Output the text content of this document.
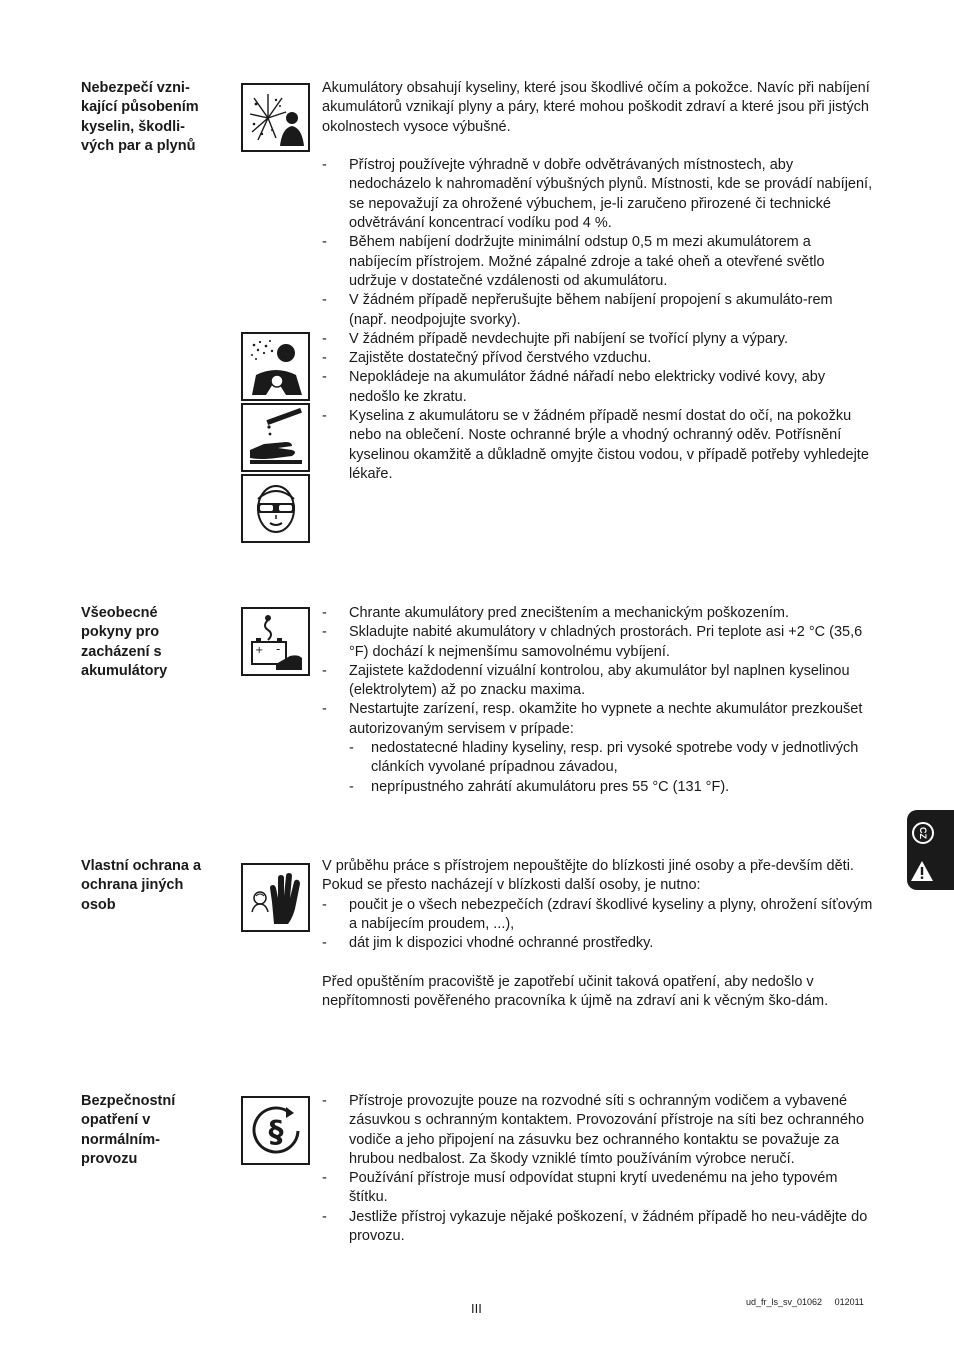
Nebezpečí vzni-
kající působením
kyselin, škodli-
vých par a plynů

Akumulátory obsahují kyseliny, které jsou škodlivé očím a pokožce. Navíc při nabíjení akumulátorů vznikají plyny a páry, které mohou poškodit zdraví a které jsou při jistých okolnostech vysoce výbušné.

- Přístroj používejte výhradně v dobře odvětrávaných místnostech, aby nedocházelo k nahromadění výbušných plynů. Místnosti, kde se provádí nabíjení, se nepovažují za ohrožené výbuchem, je-li zaručeno přirozené či technické odvětrávání koncentrací vodíku pod 4 %.
- Během nabíjení dodržujte minimální odstup 0,5 m mezi akumulátorem a nabíjecím přístrojem. Možné zápalné zdroje a také oheň a otevřené světlo udržuje v dostatečné vzdálenosti od akumulátoru.
- V žádném případě nepřerušujte během nabíjení propojení s akumuláto-rem (např. neodpojujte svorky).
- V žádném případě nevdechujte při nabíjení se tvořící plyny a výpary.
- Zajistěte dostatečný přívod čerstvého vzduchu.
- Nepokládeje na akumulátor žádné nářadí nebo elektricky vodivé kovy, aby nedošlo ke zkratu.
- Kyselina z akumulátoru se v žádném případě nesmí dostat do očí, na pokožku nebo na oblečení. Noste ochranné brýle a vhodný ochranný oděv. Potřísnění kyselinou okamžitě a důkladně omyjte čistou vodou, v případě potřeby vyhledejte lékaře.
Všeobecné
pokyny pro
zacházení s
akumulátory
+ -
- Chrante akumulátory pred znecištením a mechanickým poškozením.
- Skladujte nabité akumulátory v chladných prostorách. Pri teplote asi +2 °C (35,6 °F) dochází k nejmenšímu samovolnému vybíjení.
- Zajistete každodenní vizuální kontrolou, aby akumulátor byl naplnen kyselinou (elektrolytem) až po znacku maxima.
- Nestartujte zarízení, resp. okamžite ho vypnete a nechte akumulátor prezkoušet autorizovaným servisem v prípade:
- nedostatecné hladiny kyseliny, resp. pri vysoké spotrebe vody v jednotlivých clánkích vyvolané prípadnou závadou,
- neprípustného zahrátí akumulátoru pres 55 °C (131 °F).
Vlastní ochrana a
ochrana jiných
osob

V průběhu práce s přístrojem nepouštějte do blízkosti jiné osoby a pře-devším děti. Pokud se přesto nacházejí v blízkosti další osoby, je nutno:

- poučit je o všech nebezpečích (zdraví škodlivé kyseliny a plyny, ohrožení síťovým a nabíjecím proudem, ...),
- dát jim k dispozici vhodné ochranné prostředky.

Před opuštěním pracoviště je zapotřebí učinit taková opatření, aby nedošlo v nepřítomnosti pověřeného pracovníka k újmě na zdraví ani k věcným ško-dám.

Bezpečnostní
opatření v
normálním-
provozu
§
- Přístroje provozujte pouze na rozvodné síti s ochranným vodičem a vybavené zásuvkou s ochranným kontaktem. Provozování přístroje na síti bez ochranného vodiče a jeho připojení na zásuvku bez ochranného kontaktu se považuje za hrubou nedbalost. Za škody vzniklé tímto používáním výrobce neručí.
- Používání přístroje musí odpovídat stupni krytí uvedenému na jeho typovém štítku.
- Jestliže přístroj vykazuje nějaké poškození, v žádném případě ho neu-vádějte do provozu.
CZ
III	ud_fr_ls_sv_01062 012011
